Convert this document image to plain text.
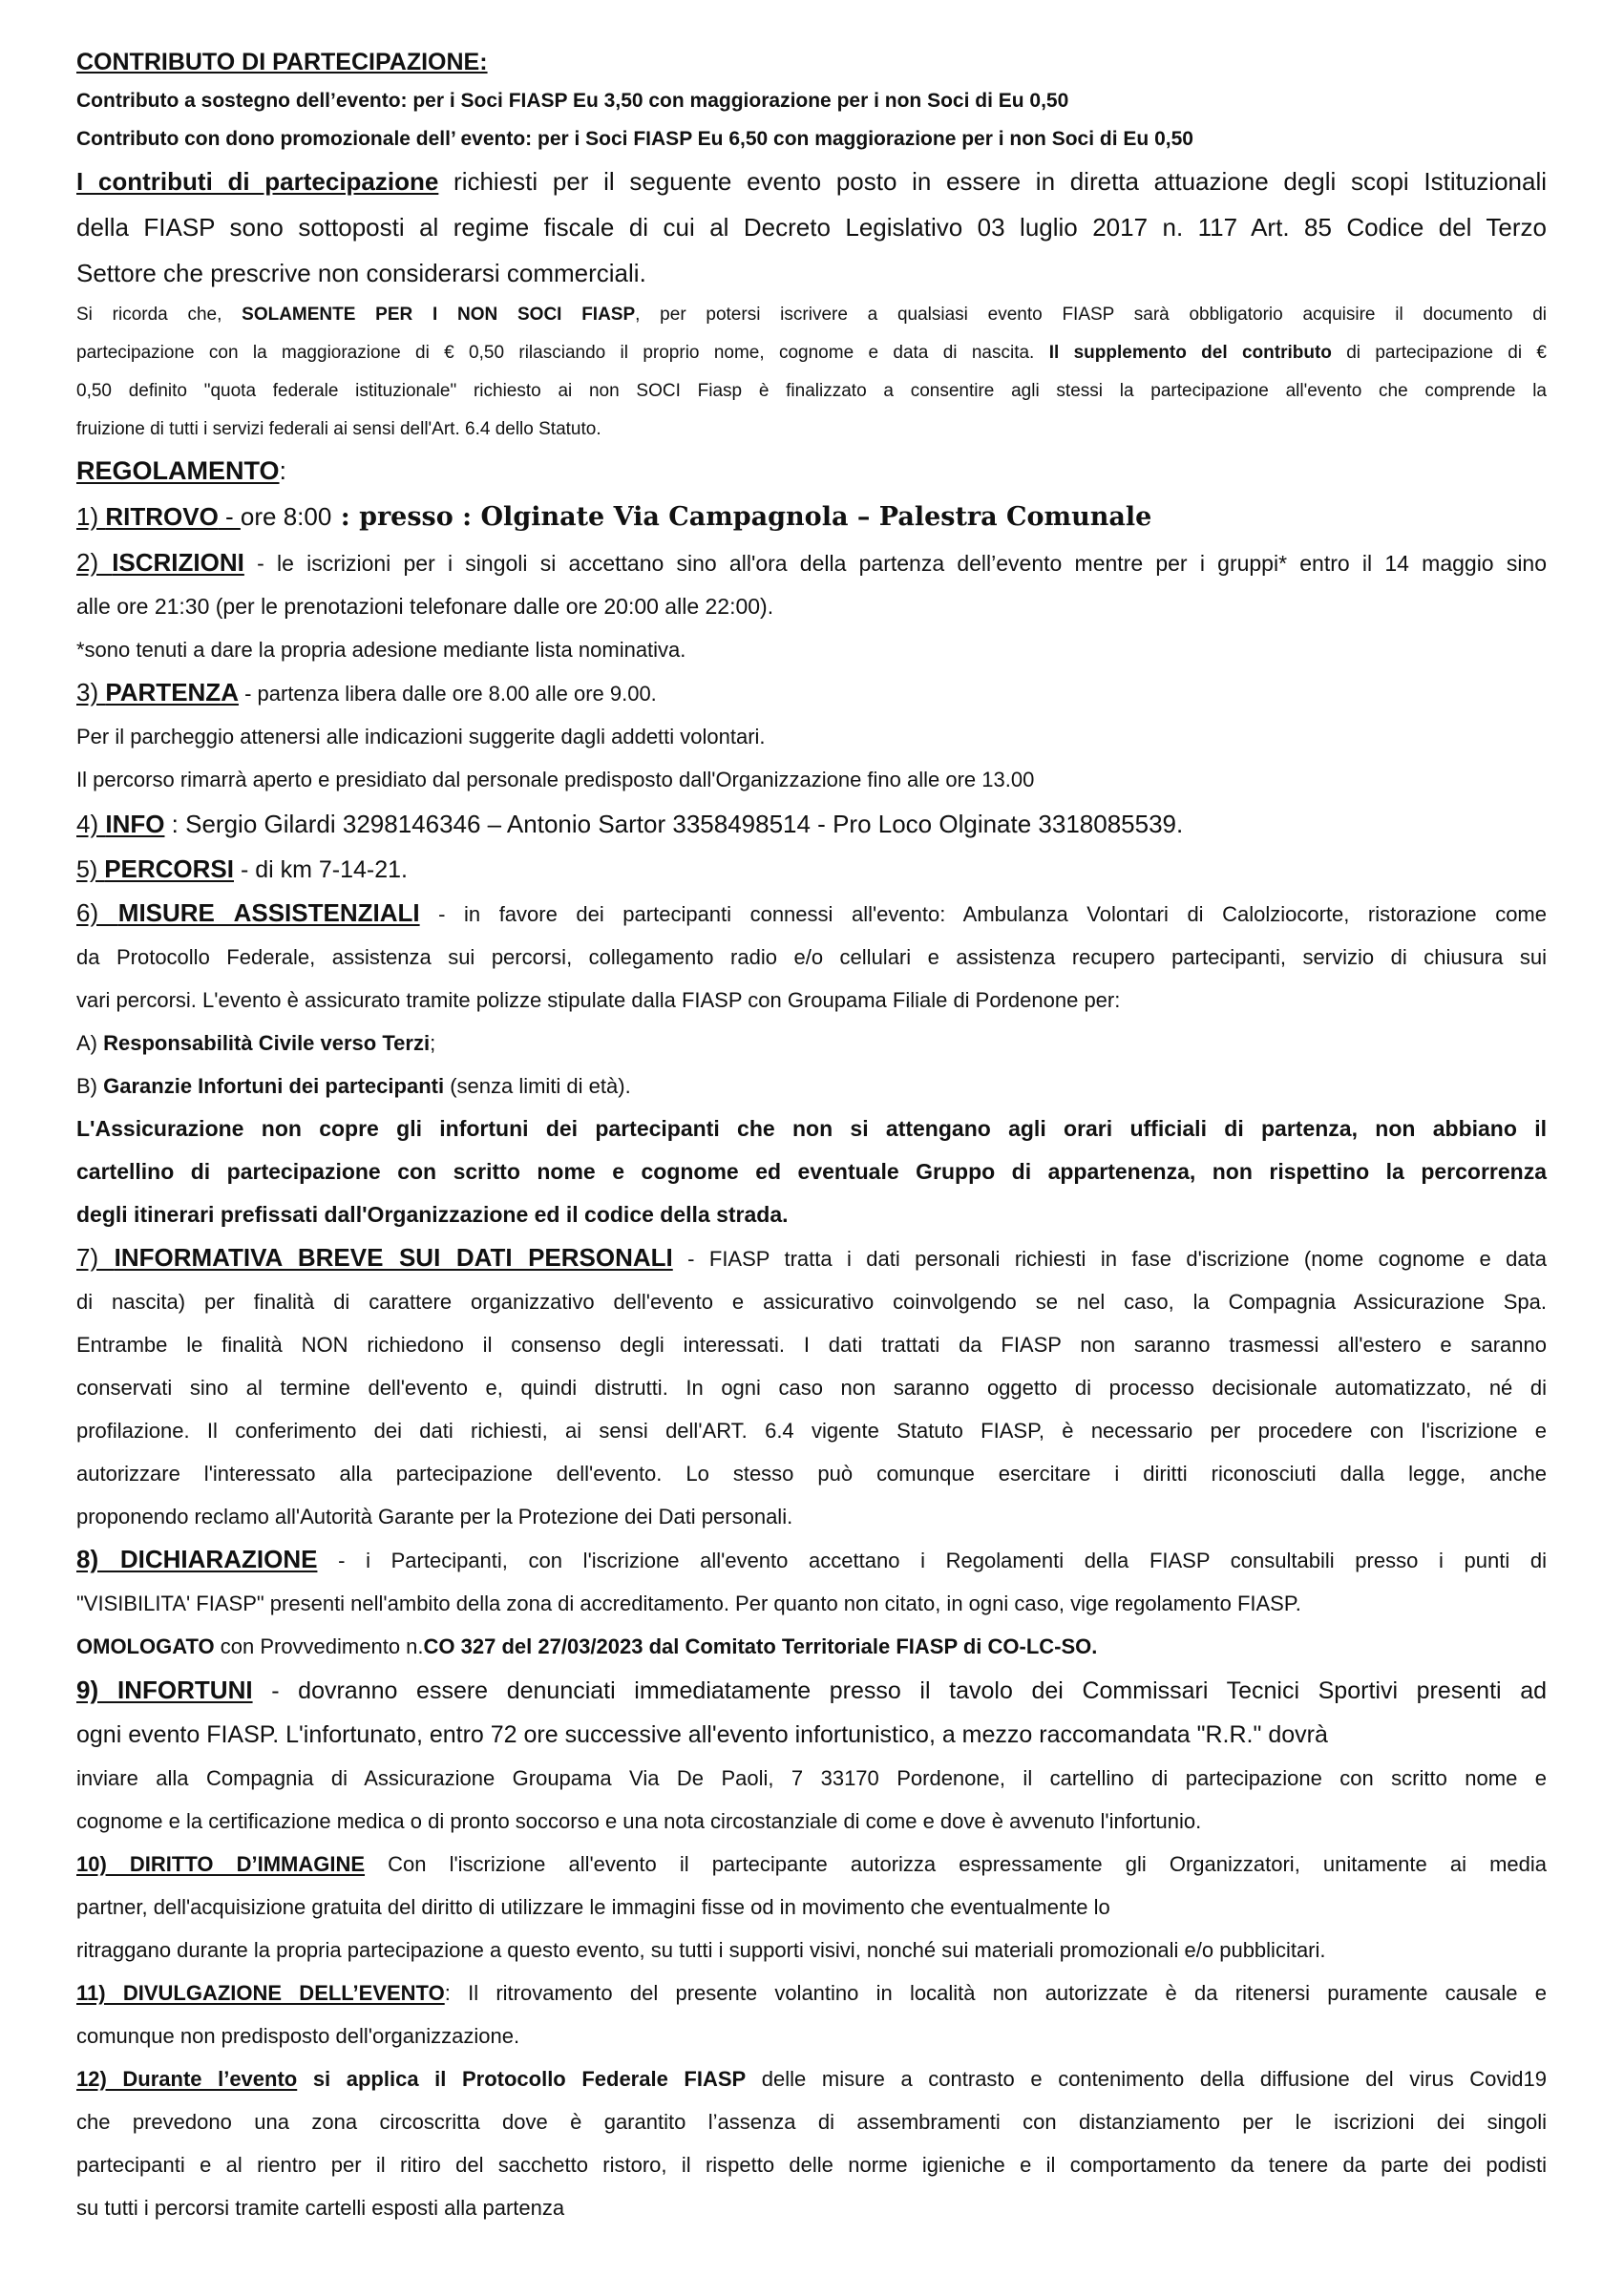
CONTRIBUTO DI PARTECIPAZIONE:
Contributo a sostegno dell’evento: per i Soci FIASP Eu 3,50 con maggiorazione per i non Soci di Eu 0,50
Contributo con dono promozionale dell’ evento: per i Soci FIASP Eu 6,50 con maggiorazione per i non Soci di Eu 0,50
I contributi di partecipazione richiesti per il seguente evento posto in essere in diretta attuazione degli scopi Istituzionali
della FIASP sono sottoposti al regime fiscale di cui al Decreto Legislativo 03 luglio 2017 n. 117 Art. 85 Codice del Terzo
Settore che prescrive non considerarsi commerciali.
Si ricorda che, SOLAMENTE PER I NON SOCI FIASP, per potersi iscrivere a qualsiasi evento FIASP sarà obbligatorio acquisire il documento di
partecipazione con la maggiorazione di € 0,50 rilasciando il proprio nome, cognome e data di nascita. Il supplemento del contributo di partecipazione di €
0,50 definito "quota federale istituzionale" richiesto ai non SOCI Fiasp è finalizzato a consentire agli stessi la partecipazione all'evento che comprende la
fruizione di tutti i servizi federali ai sensi dell'Art. 6.4 dello Statuto.
REGOLAMENTO:
1) RITROVO - ore 8:00 : presso : Olginate Via Campagnola – Palestra Comunale
2) ISCRIZIONI - le iscrizioni per i singoli si accettano sino all'ora della partenza dell’evento mentre per i gruppi* entro il 14 maggio sino
alle ore 21:30 (per le prenotazioni telefonare dalle ore 20:00 alle 22:00).
*sono tenuti a dare la propria adesione mediante lista nominativa.
3) PARTENZA - partenza libera dalle ore 8.00 alle ore 9.00.
Per il parcheggio attenersi alle indicazioni suggerite dagli addetti volontari.
Il percorso rimarrà aperto e presidiato dal personale predisposto dall'Organizzazione fino alle ore 13.00
4) INFO : Sergio Gilardi 3298146346 – Antonio Sartor 3358498514 - Pro Loco Olginate 3318085539.
5) PERCORSI - di km 7-14-21.
6) MISURE ASSISTENZIALI - in favore dei partecipanti connessi all'evento: Ambulanza Volontari di Calolziocorte, ristorazione come
da Protocollo Federale, assistenza sui percorsi, collegamento radio e/o cellulari e assistenza recupero partecipanti, servizio di chiusura sui
vari percorsi. L'evento è assicurato tramite polizze stipulate dalla FIASP con Groupama Filiale di Pordenone per:
A) Responsabilità Civile verso Terzi;
B) Garanzie Infortuni dei partecipanti (senza limiti di età).
L'Assicurazione non copre gli infortuni dei partecipanti che non si attengano agli orari ufficiali di partenza, non abbiano il
cartellino di partecipazione con scritto nome e cognome ed eventuale Gruppo di appartenenza, non rispettino la percorrenza
degli itinerari prefissati dall'Organizzazione ed il codice della strada.
7) INFORMATIVA BREVE SUI DATI PERSONALI - FIASP tratta i dati personali richiesti in fase d'iscrizione (nome cognome e data
di nascita) per finalità di carattere organizzativo dell'evento e assicurativo coinvolgendo se nel caso, la Compagnia Assicurazione Spa.
Entrambe le finalità NON richiedono il consenso degli interessati. I dati trattati da FIASP non saranno trasmessi all'estero e saranno
conservati sino al termine dell'evento e, quindi distrutti. In ogni caso non saranno oggetto di processo decisionale automatizzato, né di
profilazione. Il conferimento dei dati richiesti, ai sensi dell'ART. 6.4 vigente Statuto FIASP, è necessario per procedere con l'iscrizione e
autorizzare l'interessato alla partecipazione dell'evento. Lo stesso può comunque esercitare i diritti riconosciuti dalla legge, anche
proponendo reclamo all'Autorità Garante per la Protezione dei Dati personali.
8) DICHIARAZIONE - i Partecipanti, con l'iscrizione all'evento accettano i Regolamenti della FIASP consultabili presso i punti di
"VISIBILITA' FIASP" presenti nell'ambito della zona di accreditamento. Per quanto non citato, in ogni caso, vige regolamento FIASP.
OMOLOGATO con Provvedimento n.CO 327 del 27/03/2023 dal Comitato Territoriale FIASP di CO-LC-SO.
9) INFORTUNI - dovranno essere denunciati immediatamente presso il tavolo dei Commissari Tecnici Sportivi presenti ad
ogni evento FIASP. L'infortunato, entro 72 ore successive all'evento infortunistico, a mezzo raccomandata "R.R." dovrà
inviare alla Compagnia di Assicurazione Groupama Via De Paoli, 7 33170 Pordenone, il cartellino di partecipazione con scritto nome e
cognome e la certificazione medica o di pronto soccorso e una nota circostanziale di come e dove è avvenuto l'infortunio.
10) DIRITTO D’IMMAGINE Con l'iscrizione all'evento il partecipante autorizza espressamente gli Organizzatori, unitamente ai media
partner, dell'acquisizione gratuita del diritto di utilizzare le immagini fisse od in movimento che eventualmente lo
ritraggano durante la propria partecipazione a questo evento, su tutti i supporti visivi, nonché sui materiali promozionali e/o pubblicitari.
11) DIVULGAZIONE DELL’EVENTO: Il ritrovamento del presente volantino in località non autorizzate è da ritenersi puramente causale e
comunque non predisposto dell'organizzazione.
12) Durante l’evento si applica il Protocollo Federale FIASP delle misure a contrasto e contenimento della diffusione del virus Covid19
che prevedono una zona circoscritta dove è garantito l’assenza di assembramenti con distanziamento per le iscrizioni dei singoli
partecipanti e al rientro per il ritiro del sacchetto ristoro, il rispetto delle norme igieniche e il comportamento da tenere da parte dei podisti
su tutti i percorsi tramite cartelli esposti alla partenza
